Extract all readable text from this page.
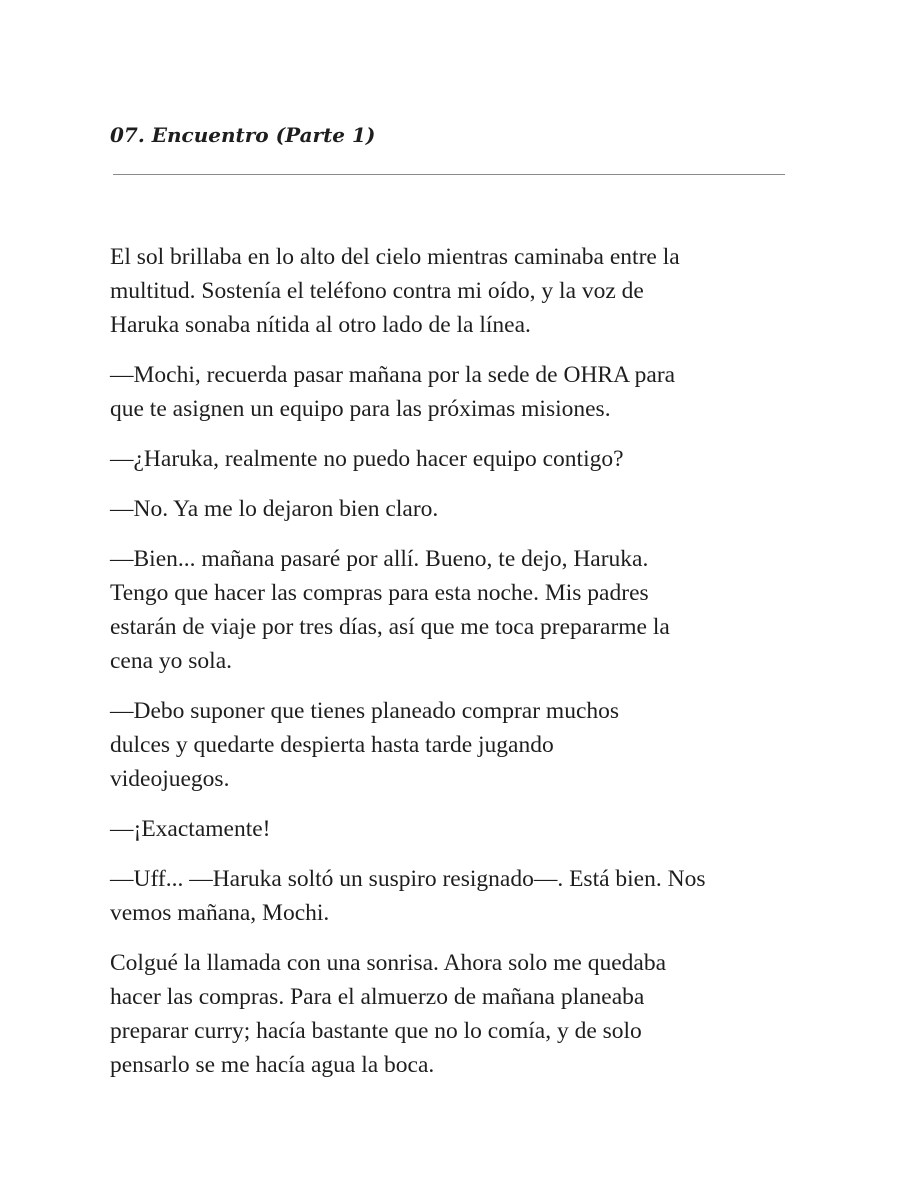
07. Encuentro (Parte 1)

El sol brillaba en lo alto del cielo mientras caminaba entre la
multitud. Sostenía el teléfono contra mi oído, y la voz de
Haruka sonaba nítida al otro lado de la línea.

—Mochi, recuerda pasar mañana por la sede de OHRA para
que te asignen un equipo para las próximas misiones.

—¿Haruka, realmente no puedo hacer equipo contigo?

—No. Ya me lo dejaron bien claro.

—Bien... mañana pasaré por allí. Bueno, te dejo, Haruka.
Tengo que hacer las compras para esta noche. Mis padres
estarán de viaje por tres días, así que me toca prepararme la
cena yo sola.

—Debo suponer que tienes planeado comprar muchos
dulces y quedarte despierta hasta tarde jugando
videojuegos.

—¡Exactamente!

—Uff... —Haruka soltó un suspiro resignado—. Está bien. Nos
vemos mañana, Mochi.

Colgué la llamada con una sonrisa. Ahora solo me quedaba
hacer las compras. Para el almuerzo de mañana planeaba
preparar curry; hacía bastante que no lo comía, y de solo
pensarlo se me hacía agua la boca.
